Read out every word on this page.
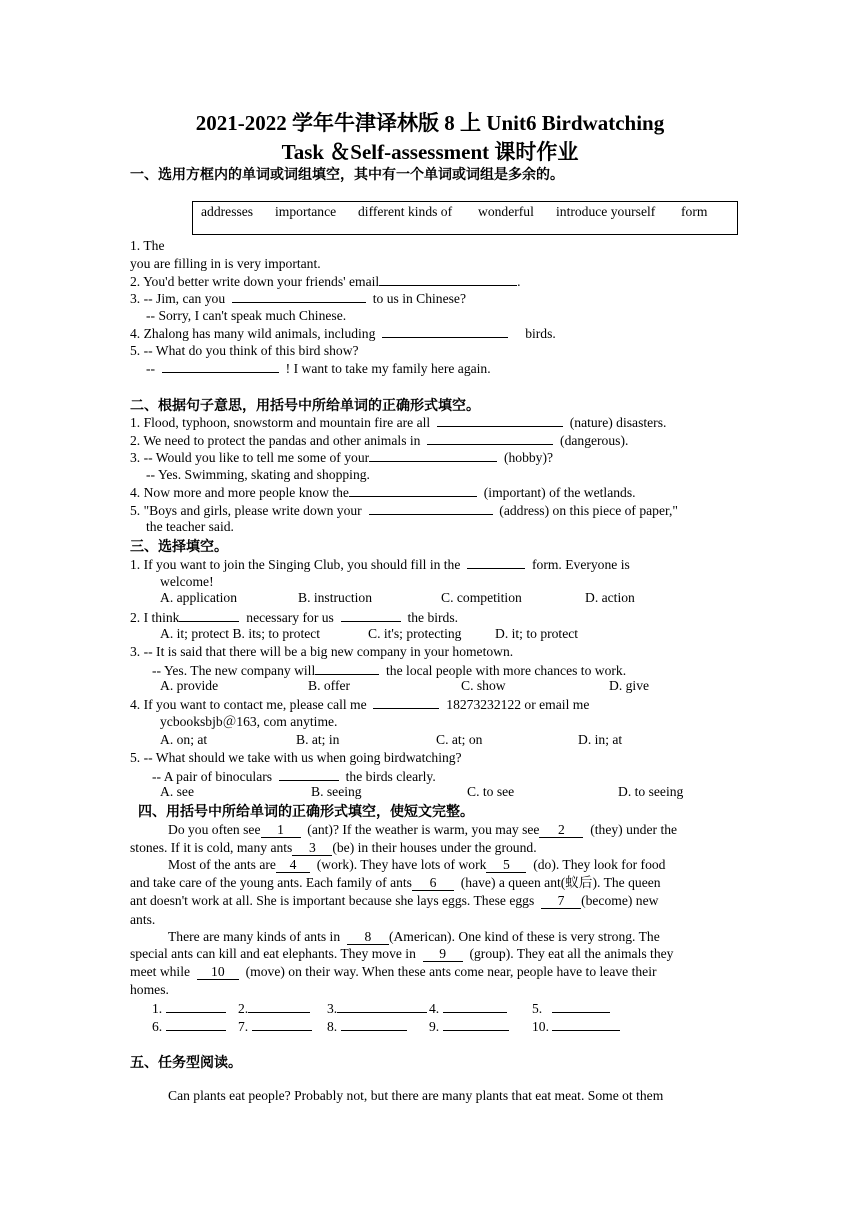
2021-2022 学年牛津译林版 8 上 Unit6 Birdwatching
Task ＆Self-assessment 课时作业
一、选用方框内的单词或词组填空，其中有一个单词或词组是多余的。
addresses importance different kinds of wonderful introduce yourself form
1. The
you are filling in is very important.
2. You'd better write down your friends' email	.
3. -- Jim, can you	to us in Chinese?
-- Sorry, I can't speak much Chinese.
4. Zhalong has many wild animals, including	birds.
5. -- What do you think of this bird show?
--	! I want to take my family here again.
二、根据句子意思，用括号中所给单词的正确形式填空。
1. Flood, typhoon, snowstorm and mountain fire are all	(nature) disasters.
2. We need to protect the pandas and other animals in	(dangerous).
3. -- Would you like to tell me some of your	(hobby)?
-- Yes. Swimming, skating and shopping.
4. Now more and more people know the	(important) of the wetlands.
5. "Boys and girls, please write down your	(address) on this piece of paper,"
the teacher said.
三、选择填空。
1. If you want to join the Singing Club, you should fill in the	form. Everyone is
welcome!
A. application	B. instruction	C. competition	D. action
2. I think	necessary for us	the birds.
A. it; protect B. its; to protect	C. it's; protecting D. it; to protect
3. -- It is said that there will be a big new company in your hometown.
-- Yes. The new company will	the local people with more chances to work.
A. provide	B. offer	C. show	D. give
4. If you want to contact me, please call me	18273232122 or email me
ycbooksbjb＠163, com anytime.
A. on; at	B. at; in	C. at; on	D. in; at
5. -- What should we take with us when going birdwatching?
-- A pair of binoculars	the birds clearly.
A. see	B. seeing	C. to see	D. to seeing
四、用括号中所给单词的正确形式填空，使短文完整。
Do you often see 1 (ant)? If the weather is warm, you may see 2 (they) under the
stones. If it is cold, many ants 3 (be) in their houses under the ground.
Most of the ants are 4 (work). They have lots of work 5 (do). They look for food
and take care of the young ants. Each family of ants 6 (have) a queen ant(蚁后). The queen
ant doesn't work at all. She is important because she lays eggs. These eggs 7 (become) new
ants.
There are many kinds of ants in 8 (American). One kind of these is very strong. The
special ants can kill and eat elephants. They move in 9 (group). They eat all the animals they
meet while 10 (move) on their way. When these ants come near, people have to leave their
homes.
1.	2.	3.	4.	5.
6.	7.	8.	9.	10.
五、任务型阅读。
Can plants eat people? Probably not, but there are many plants that eat meat. Some ot them
